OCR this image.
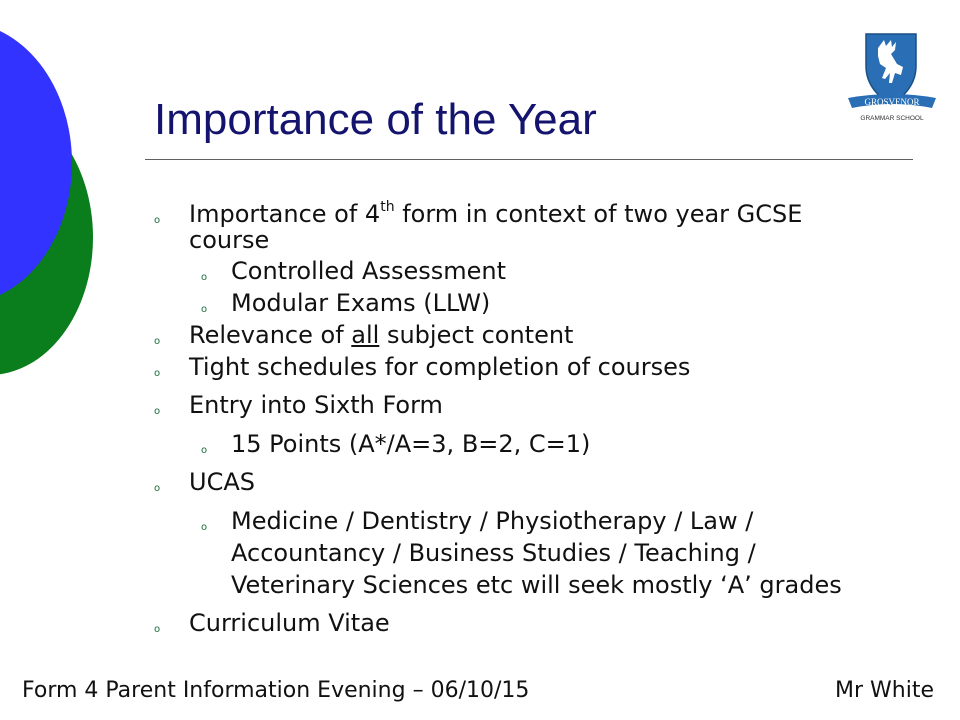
GROSVENOR
GRAMMAR SCHOOL
Importance of the Year
o Importance of 4th form in context of two year GCSE
course
o Controlled Assessment
o Modular Exams (LLW)
o Relevance of all subject content
o Tight schedules for completion of courses
o Entry into Sixth Form
o 15 Points (A*/A=3, B=2, C=1)
o UCAS
o Medicine / Dentistry / Physiotherapy / Law /
Accountancy / Business Studies / Teaching /
Veterinary Sciences etc will seek mostly ‘A’ grades
o Curriculum Vitae
Form 4 Parent Information Evening – 06/10/15	Mr White
